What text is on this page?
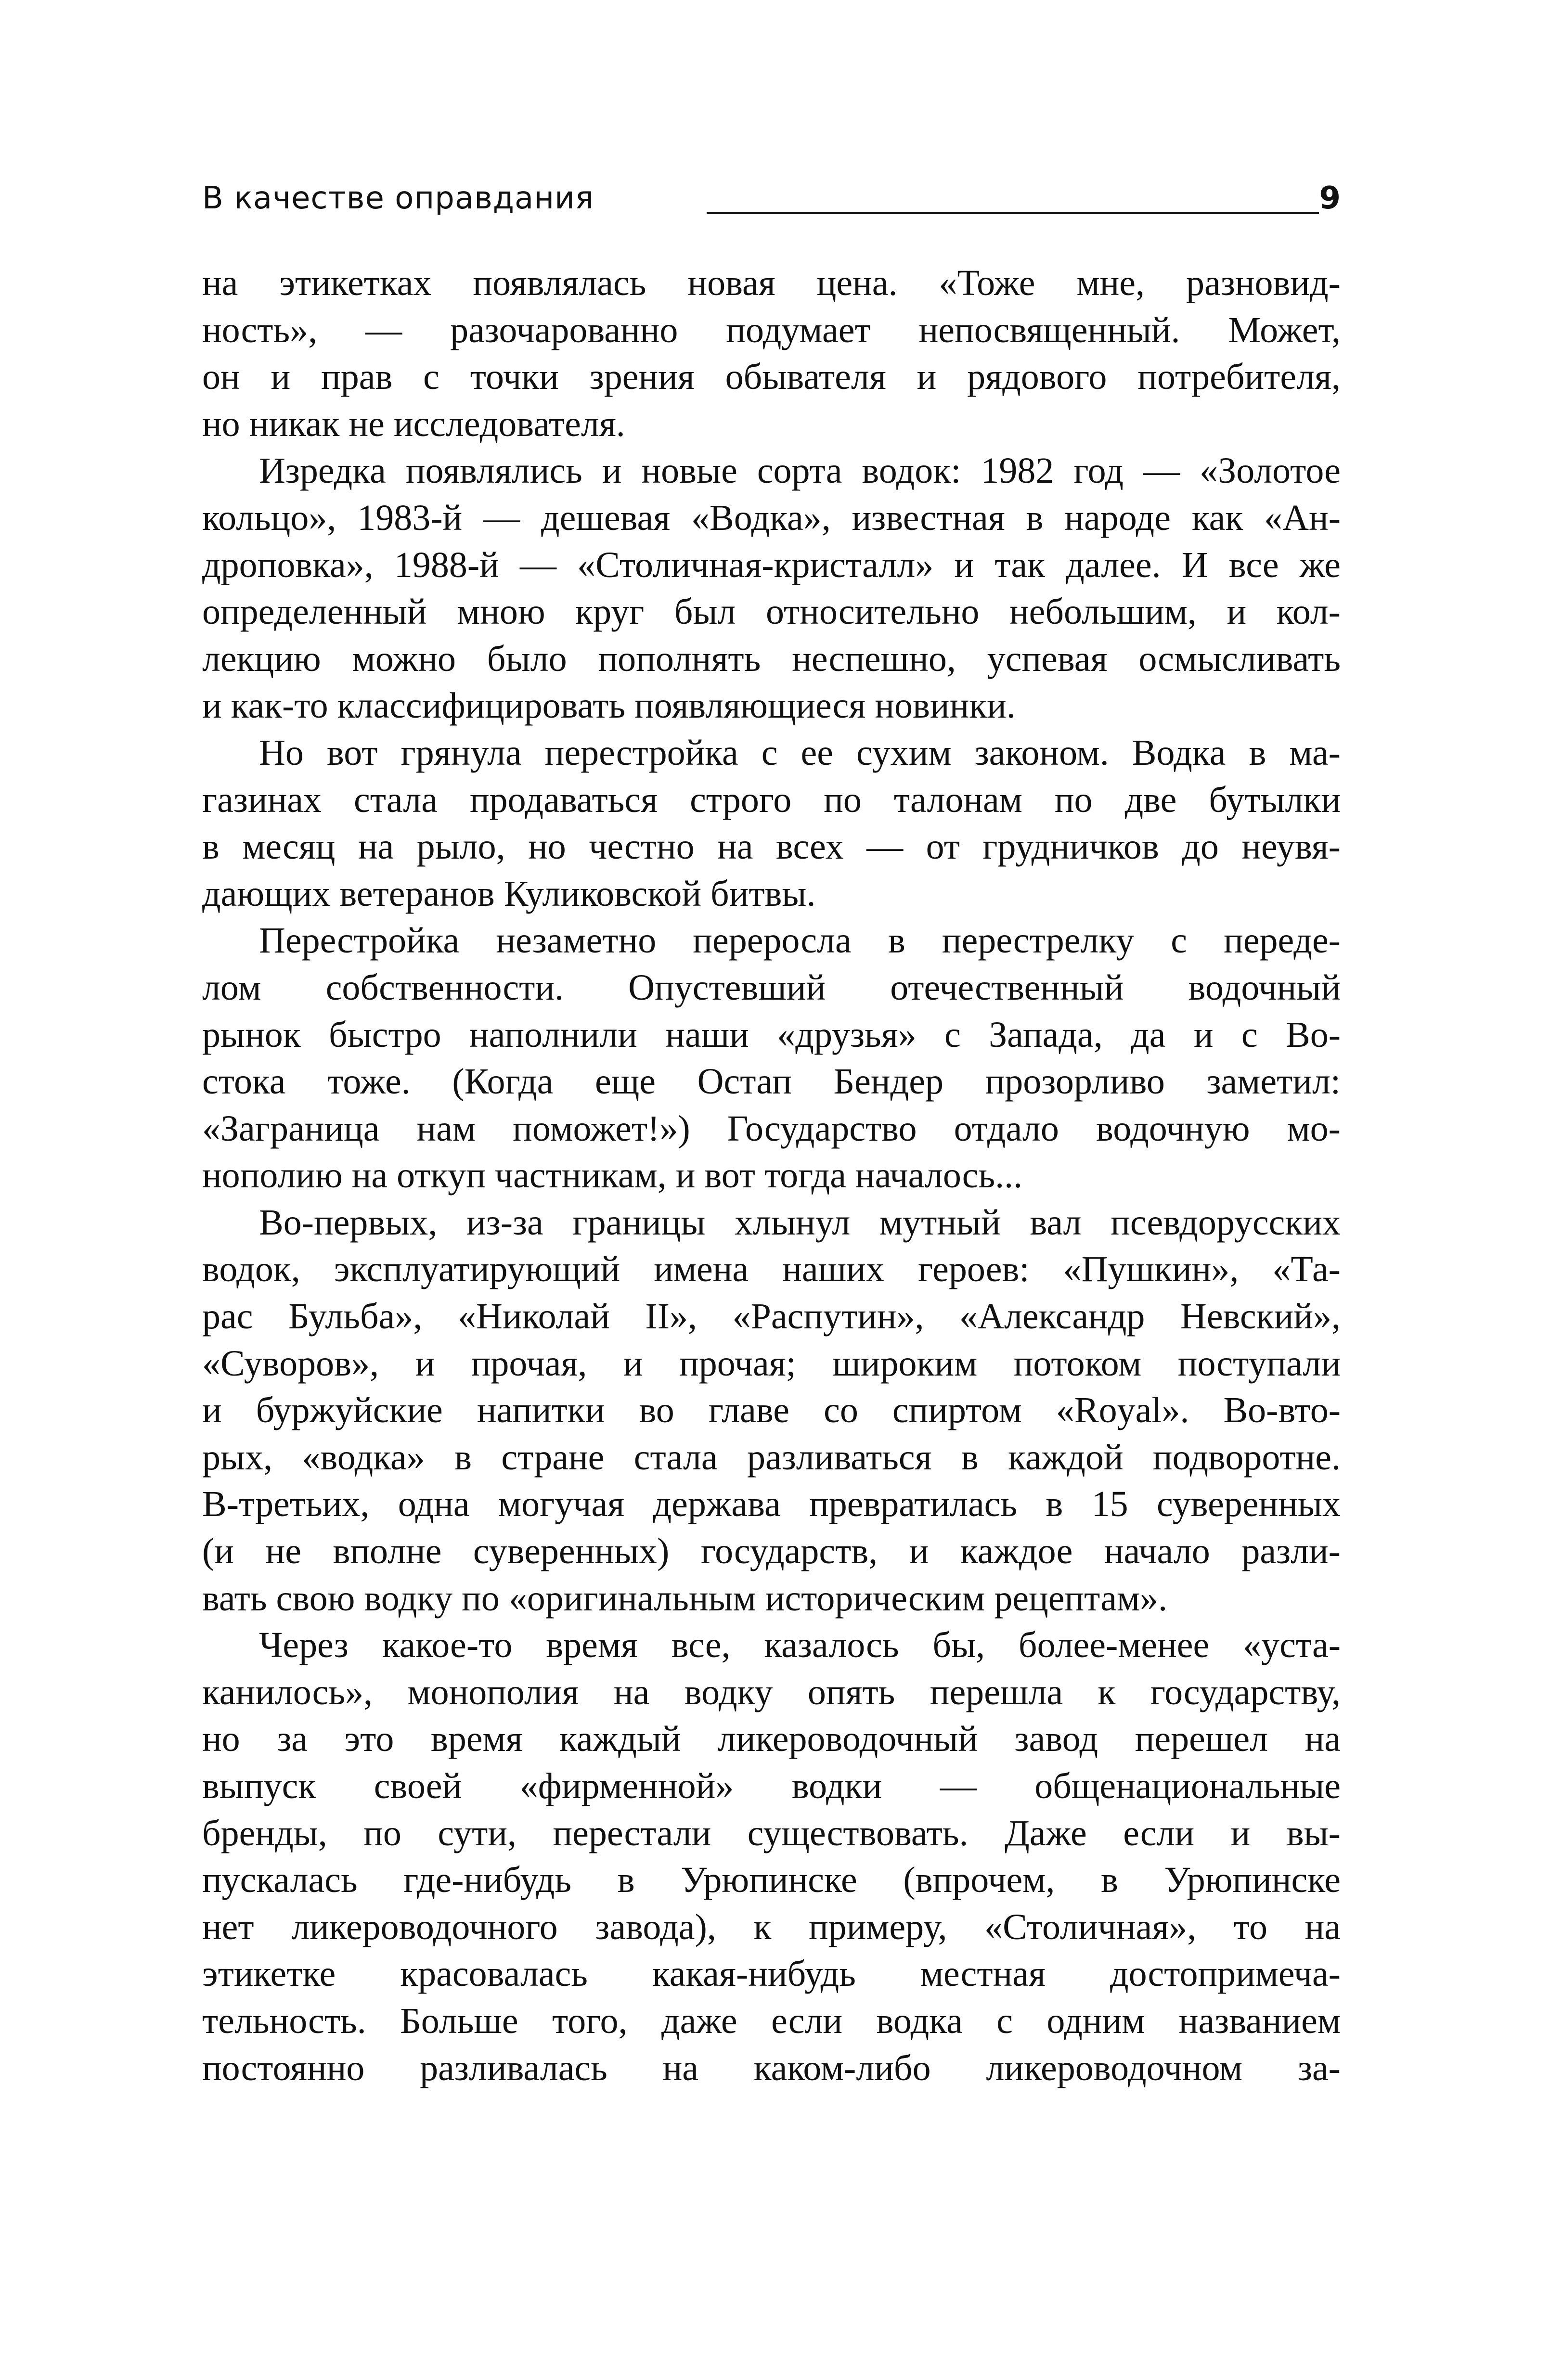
В качестве оправдания	9
на этикетках появлялась новая цена. «Тоже мне, разновид-
ность», — разочарованно подумает непосвященный. Может,
он и прав с точки зрения обывателя и рядового потребителя,
но никак не исследователя.
Изредка появлялись и новые сорта водок: 1982 год — «Золотое
кольцо», 1983-й — дешевая «Водка», известная в народе как «Ан-
дроповка», 1988-й — «Столичная-кристалл» и так далее. И все же
определенный мною круг был относительно небольшим, и кол-
лекцию можно было пополнять неспешно, успевая осмысливать
и как-то классифицировать появляющиеся новинки.
Но вот грянула перестройка с ее сухим законом. Водка в ма-
газинах стала продаваться строго по талонам по две бутылки
в месяц на рыло, но честно на всех — от грудничков до неувя-
дающих ветеранов Куликовской битвы.
Перестройка незаметно переросла в перестрелку с переде-
лом собственности. Опустевший отечественный водочный
рынок быстро наполнили наши «друзья» с Запада, да и с Во-
стока тоже. (Когда еще Остап Бендер прозорливо заметил:
«Заграница нам поможет!») Государство отдало водочную мо-
нополию на откуп частникам, и вот тогда началось...
Во-первых, из-за границы хлынул мутный вал псевдорусских
водок, эксплуатирующий имена наших героев: «Пушкин», «Та-
рас Бульба», «Николай II», «Распутин», «Александр Невский»,
«Суворов», и прочая, и прочая; широким потоком поступали
и буржуйские напитки во главе со спиртом «Royal». Во-вто-
рых, «водка» в стране стала разливаться в каждой подворотне.
В-третьих, одна могучая держава превратилась в 15 суверенных
(и не вполне суверенных) государств, и каждое начало разли-
вать свою водку по «оригинальным историческим рецептам».
Через какое-то время все, казалось бы, более-менее «уста-
канилось», монополия на водку опять перешла к государству,
но за это время каждый ликероводочный завод перешел на
выпуск своей «фирменной» водки — общенациональные
бренды, по сути, перестали существовать. Даже если и вы-
пускалась где-нибудь в Урюпинске (впрочем, в Урюпинске
нет ликероводочного завода), к примеру, «Столичная», то на
этикетке красовалась какая-нибудь местная достопримеча-
тельность. Больше того, даже если водка с одним названием
постоянно разливалась на каком-либо ликероводочном за-
